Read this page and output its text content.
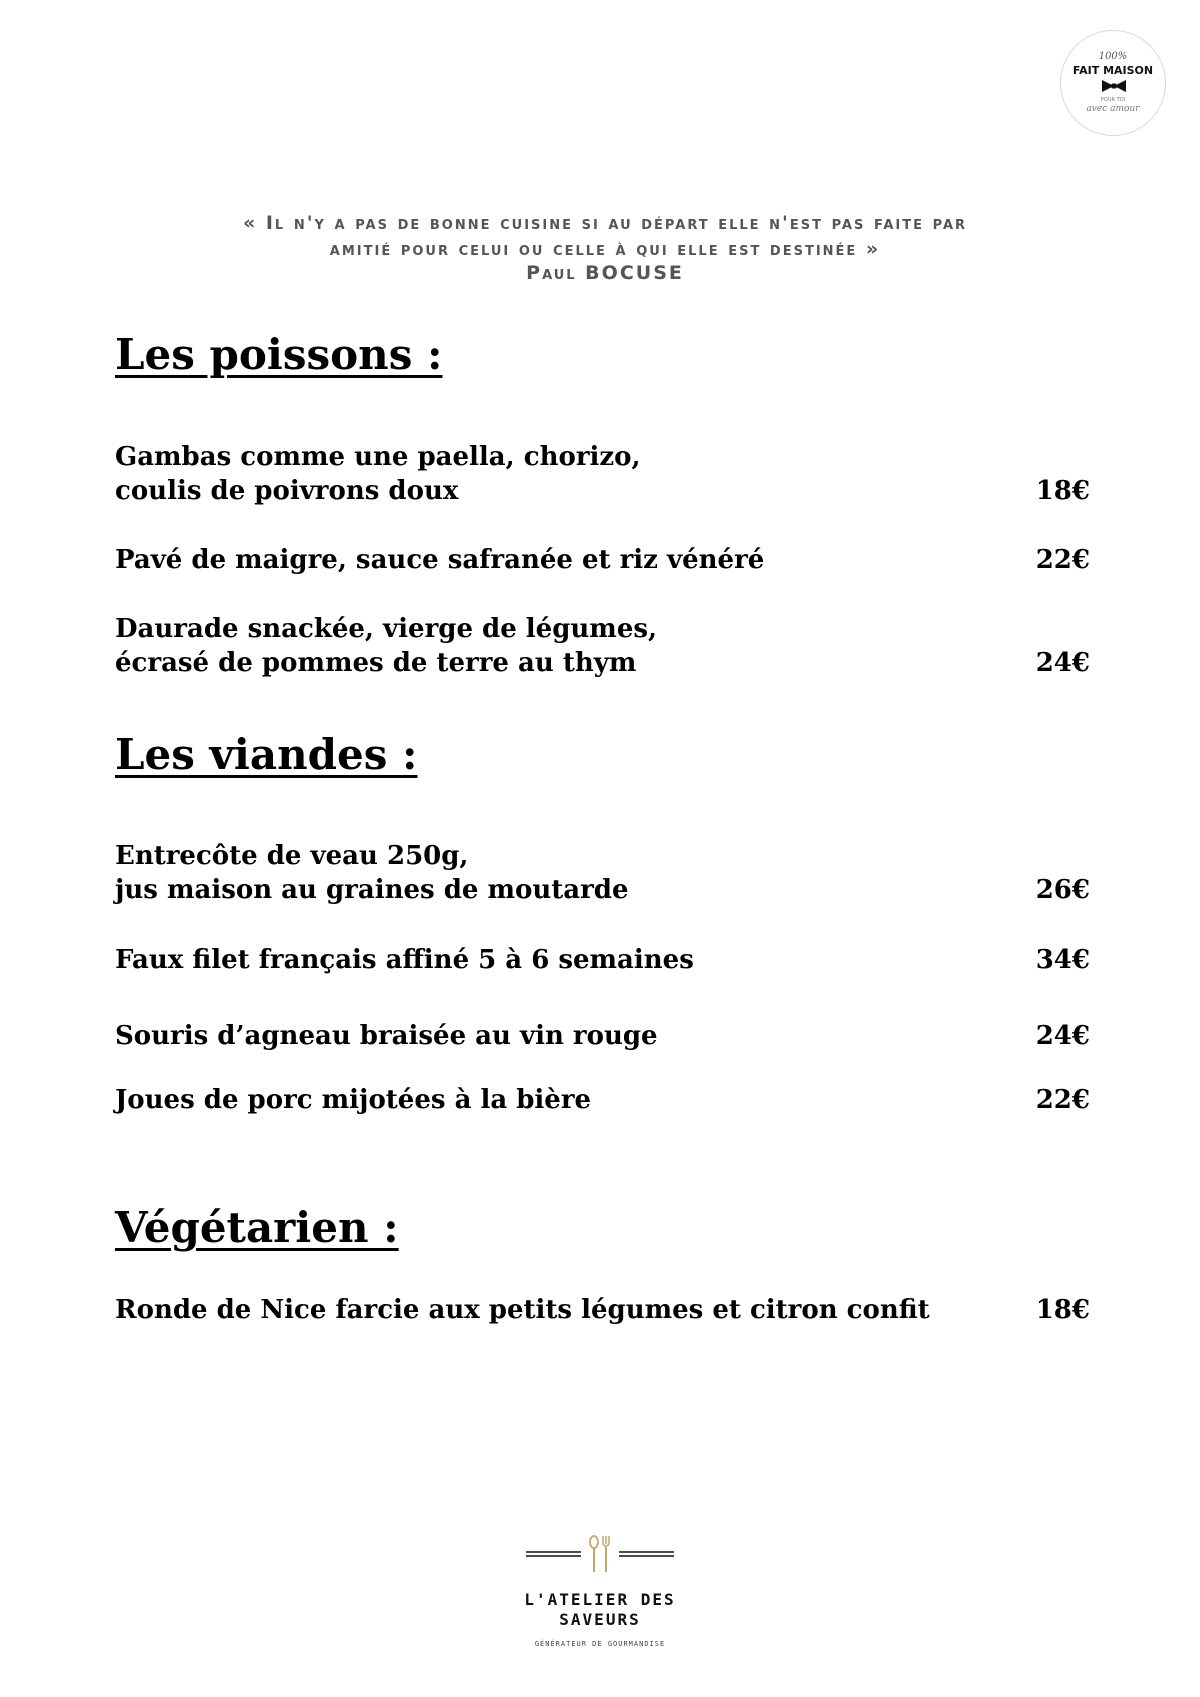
100%
FAIT MAISON
POUR TOI
avec amour
« Il n'y a pas de bonne cuisine si au départ elle n'est pas faite par
amitié pour celui ou celle à qui elle est destinée »
Paul BOCUSE
Les poissons :
Gambas comme une paella, chorizo,
coulis de poivrons doux	18€
Pavé de maigre, sauce safranée et riz vénéré	22€
Daurade snackée, vierge de légumes,
écrasé de pommes de terre au thym	24€
Les viandes :
Entrecôte de veau 250g,
jus maison au graines de moutarde	26€
Faux filet français affiné 5 à 6 semaines	34€
Souris d’agneau braisée au vin rouge	24€
Joues de porc mijotées à la bière	22€
Végétarien :
Ronde de Nice farcie aux petits légumes et citron confit	18€
L'ATELIER DES
SAVEURS
GÉNÉRATEUR DE GOURMANDISE
